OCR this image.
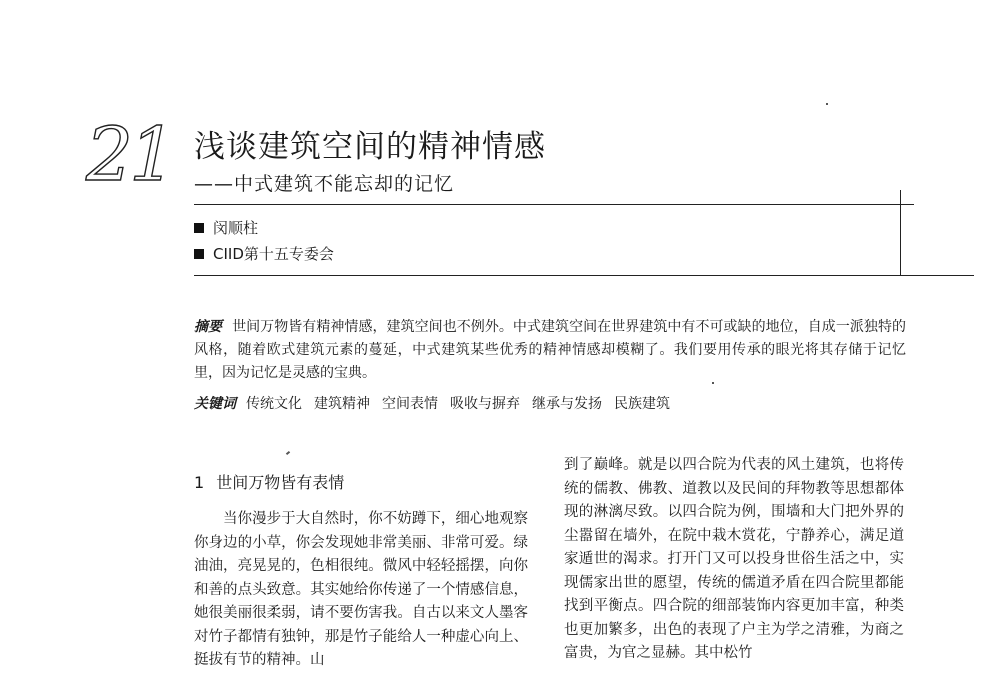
21 浅谈建筑空间的精神情感
——中式建筑不能忘却的记忆
闵顺柱
CIID第十五专委会
摘要 世间万物皆有精神情感，建筑空间也不例外。中式建筑空间在世界建筑中有不可或缺的地位，自成一派独特的风格，随着欧式建筑元素的蔓延，中式建筑某些优秀的精神情感却模糊了。我们要用传承的眼光将其存储于记忆里，因为记忆是灵感的宝典。
关键词 传统文化 建筑精神 空间表情 吸收与摒弃 继承与发扬 民族建筑
1 世间万物皆有表情
当你漫步于大自然时，你不妨蹲下，细心地观察你身边的小草，你会发现她非常美丽、非常可爱。绿油油，亮晃晃的，色相很纯。微风中轻轻摇摆，向你和善的点头致意。其实她给你传递了一个情感信息，她很美丽很柔弱，请不要伤害我。自古以来文人墨客对竹子都情有独钟，那是竹子能给人一种虚心向上、挺拔有节的精神。山
到了巅峰。就是以四合院为代表的风土建筑，也将传统的儒教、佛教、道教以及民间的拜物教等思想都体现的淋漓尽致。以四合院为例，围墙和大门把外界的尘嚣留在墙外，在院中栽木赏花，宁静养心，满足道家遁世的渴求。打开门又可以投身世俗生活之中，实现儒家出世的愿望，传统的儒道矛盾在四合院里都能找到平衡点。四合院的细部装饰内容更加丰富，种类也更加繁多，出色的表现了户主为学之清雅，为商之富贵，为官之显赫。其中松竹
